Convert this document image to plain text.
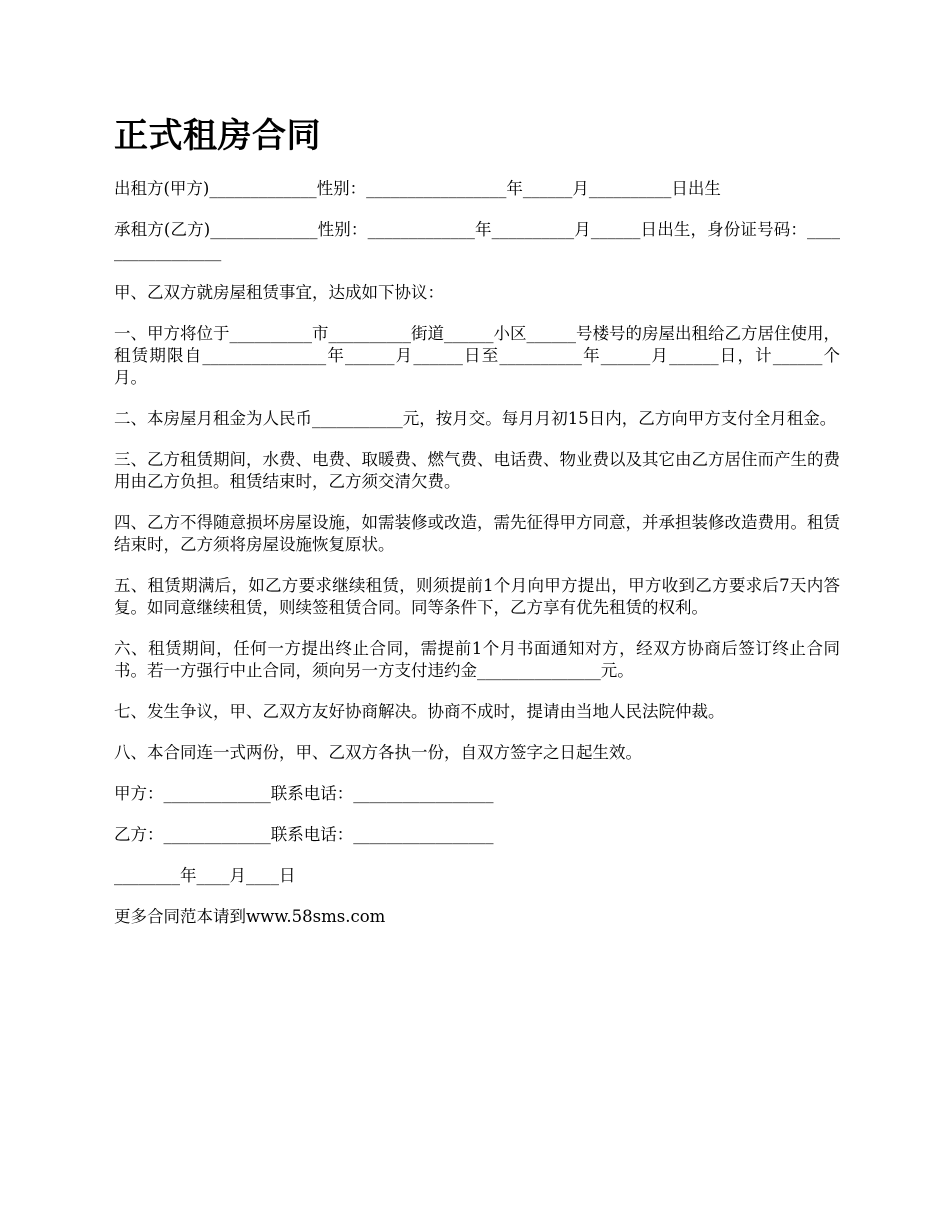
正式租房合同

出租方(甲方)_____________性别：_________________年______月__________日出生

承租方(乙方)_____________性别：_____________年__________月______日出生，身份证号码：_________________

甲、乙双方就房屋租赁事宜，达成如下协议：

一、甲方将位于__________市__________街道______小区______号楼号的房屋出租给乙方居住使用，租赁期限自_______________年______月______日至__________年______月______日，计______个月。

二、本房屋月租金为人民币___________元，按月交。每月月初15日内，乙方向甲方支付全月租金。

三、乙方租赁期间，水费、电费、取暖费、燃气费、电话费、物业费以及其它由乙方居住而产生的费用由乙方负担。租赁结束时，乙方须交清欠费。

四、乙方不得随意损坏房屋设施，如需装修或改造，需先征得甲方同意，并承担装修改造费用。租赁结束时，乙方须将房屋设施恢复原状。

五、租赁期满后，如乙方要求继续租赁，则须提前1个月向甲方提出，甲方收到乙方要求后7天内答复。如同意继续租赁，则续签租赁合同。同等条件下，乙方享有优先租赁的权利。

六、租赁期间，任何一方提出终止合同，需提前1个月书面通知对方，经双方协商后签订终止合同书。若一方强行中止合同，须向另一方支付违约金_______________元。

七、发生争议，甲、乙双方友好协商解决。协商不成时，提请由当地人民法院仲裁。

八、本合同连一式两份，甲、乙双方各执一份，自双方签字之日起生效。

甲方：_____________联系电话：_________________

乙方：_____________联系电话：_________________

________年____月____日

更多合同范本请到www.58sms.com
